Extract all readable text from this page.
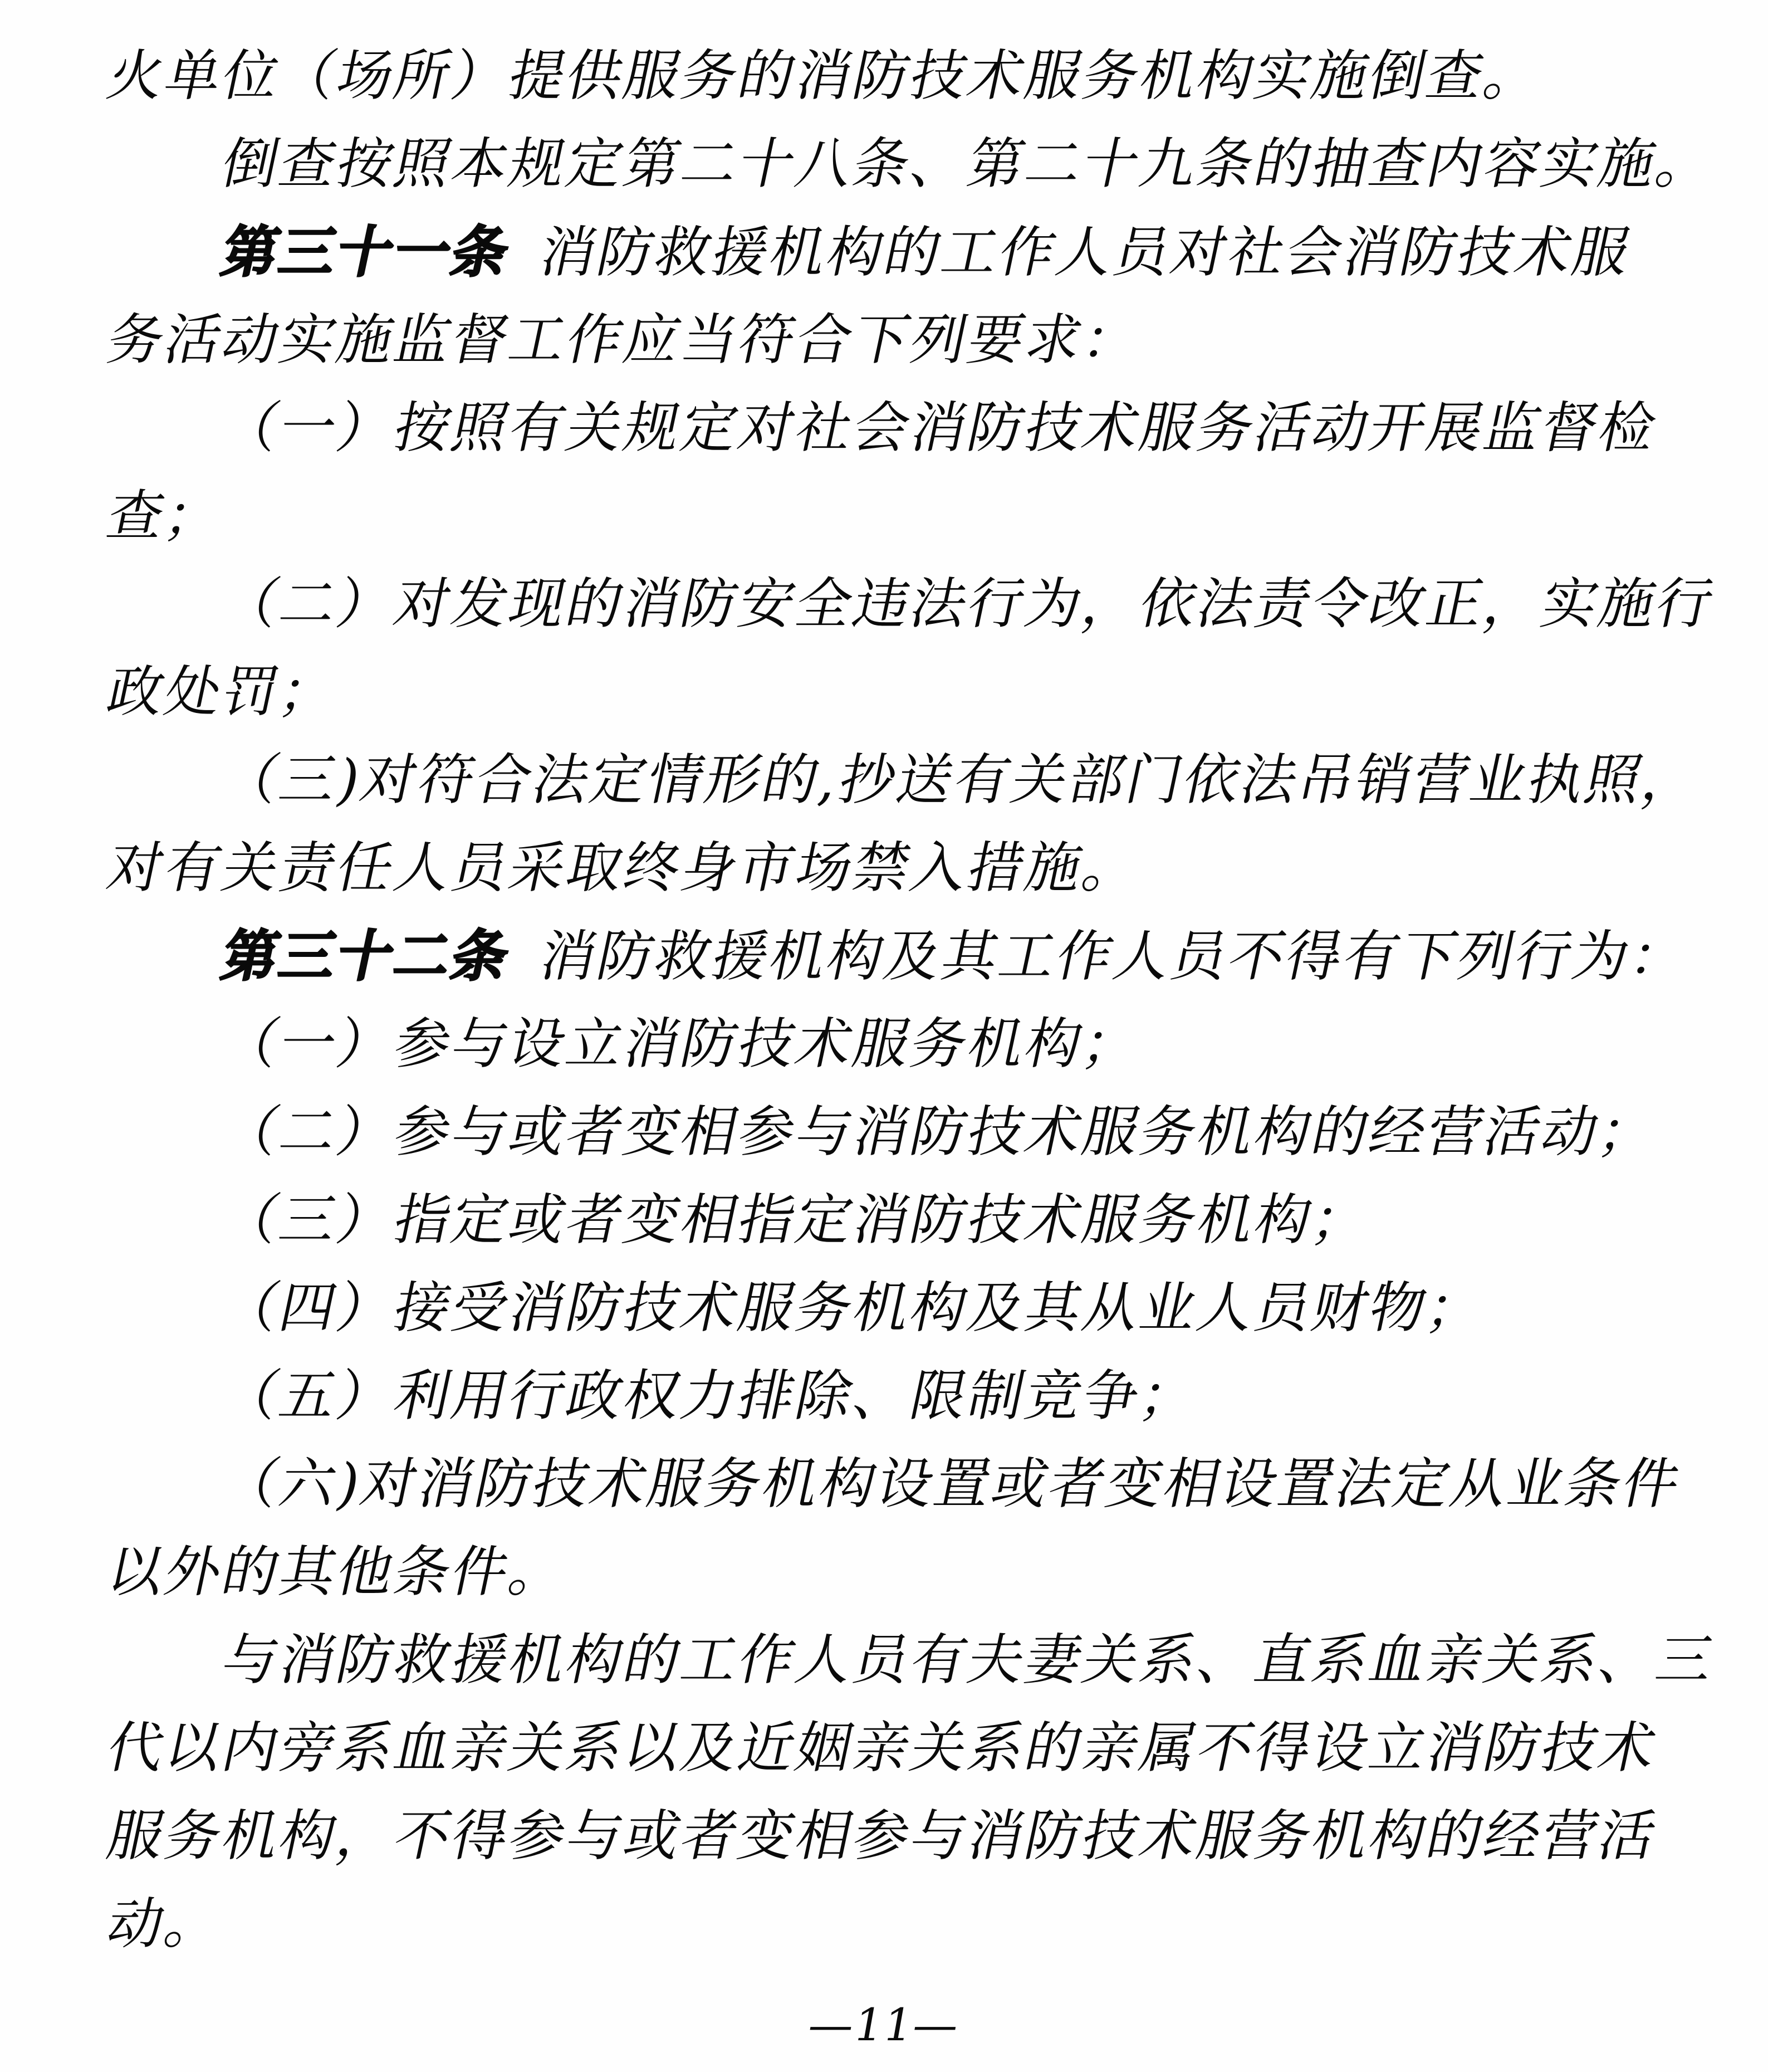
火单位（场所）提供服务的消防技术服务机构实施倒查。
倒查按照本规定第二十八条、第二十九条的抽查内容实施。
第三十一条 消防救援机构的工作人员对社会消防技术服
务活动实施监督工作应当符合下列要求：
（一）按照有关规定对社会消防技术服务活动开展监督检
查；
（二）对发现的消防安全违法行为，依法责令改正，实施行
政处罚；
（三)对符合法定情形的,抄送有关部门依法吊销营业执照，
对有关责任人员采取终身市场禁入措施。
第三十二条 消防救援机构及其工作人员不得有下列行为：
（一）参与设立消防技术服务机构；
（二）参与或者变相参与消防技术服务机构的经营活动；
（三）指定或者变相指定消防技术服务机构；
（四）接受消防技术服务机构及其从业人员财物；
（五）利用行政权力排除、限制竞争；
（六)对消防技术服务机构设置或者变相设置法定从业条件
以外的其他条件。
与消防救援机构的工作人员有夫妻关系、直系血亲关系、三
代以内旁系血亲关系以及近姻亲关系的亲属不得设立消防技术
服务机构，不得参与或者变相参与消防技术服务机构的经营活
动。
—11—
